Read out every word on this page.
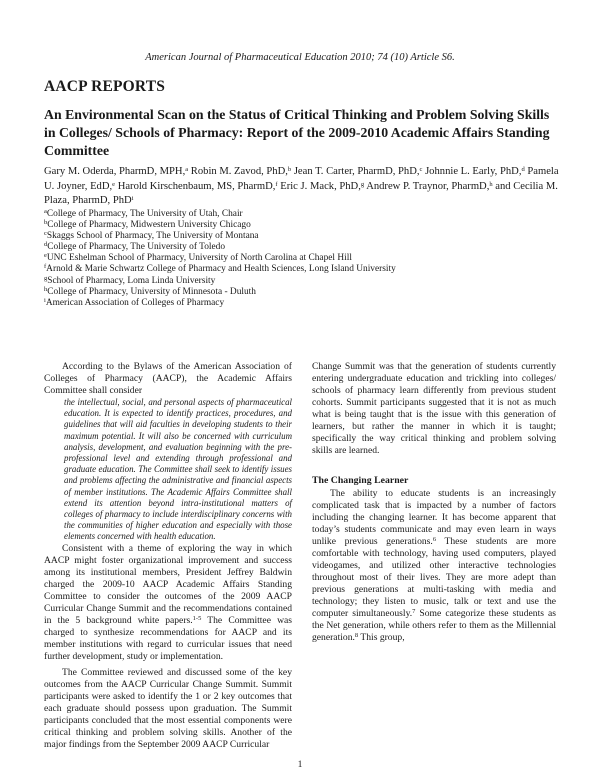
American Journal of Pharmaceutical Education 2010; 74 (10) Article S6.
AACP REPORTS
An Environmental Scan on the Status of Critical Thinking and Problem Solving Skills in Colleges/ Schools of Pharmacy: Report of the 2009-2010 Academic Affairs Standing Committee
Gary M. Oderda, PharmD, MPH,$^a$ Robin M. Zavod, PhD,$^b$ Jean T. Carter, PharmD, PhD,$^c$ Johnnie L. Early, PhD,$^d$ Pamela U. Joyner, EdD,$^e$ Harold Kirschenbaum, MS, PharmD,$^f$ Eric J. Mack, PhD,$^g$ Andrew P. Traynor, PharmD,$^h$ and Cecilia M. Plaza, PharmD, PhD$^i$
$^a$College of Pharmacy, The University of Utah, Chair
$^b$College of Pharmacy, Midwestern University Chicago
$^c$Skaggs School of Pharmacy, The University of Montana
$^d$College of Pharmacy, The University of Toledo
$^e$UNC Eshelman School of Pharmacy, University of North Carolina at Chapel Hill
$^f$Arnold & Marie Schwartz College of Pharmacy and Health Sciences, Long Island University
$^g$School of Pharmacy, Loma Linda University
$^h$College of Pharmacy, University of Minnesota - Duluth
$^i$American Association of Colleges of Pharmacy

According to the Bylaws of the American Association of Colleges of Pharmacy (AACP), the Academic Affairs Committee shall consider

the intellectual, social, and personal aspects of pharmaceutical education. It is expected to identify practices, procedures, and guidelines that will aid faculties in developing students to their maximum potential. It will also be concerned with curriculum analysis, development, and evaluation beginning with the pre-professional level and extending through professional and graduate education. The Committee shall seek to identify issues and problems affecting the administrative and financial aspects of member institutions. The Academic Affairs Committee shall extend its attention beyond intra-institutional matters of colleges of pharmacy to include interdisciplinary concerns with the communities of higher education and especially with those elements concerned with health education.

Consistent with a theme of exploring the way in which AACP might foster organizational improvement and success among its institutional members, President Jeffrey Baldwin charged the 2009-10 AACP Academic Affairs Standing Committee to consider the outcomes of the 2009 AACP Curricular Change Summit and the recommendations contained in the 5 background white papers.$^{1-5}$ The Committee was charged to synthesize recommendations for AACP and its member institutions with regard to curricular issues that need further development, study or implementation.

The Committee reviewed and discussed some of the key outcomes from the AACP Curricular Change Summit. Summit participants were asked to identify the 1 or 2 key outcomes that each graduate should possess upon graduation. The Summit participants concluded that the most essential components were critical thinking and problem solving skills. Another of the major findings from the September 2009 AACP Curricular

Change Summit was that the generation of students currently entering undergraduate education and trickling into colleges/ schools of pharmacy learn differently from previous student cohorts. Summit participants suggested that it is not as much what is being taught that is the issue with this generation of learners, but rather the manner in which it is taught; specifically the way critical thinking and problem solving skills are learned.

The Changing Learner

The ability to educate students is an increasingly complicated task that is impacted by a number of factors including the changing learner. It has become apparent that today’s students communicate and may even learn in ways unlike previous generations.$^6$ These students are more comfortable with technology, having used computers, played videogames, and utilized other interactive technologies throughout most of their lives. They are more adept than previous generations at multi-tasking with media and technology; they listen to music, talk or text and use the computer simultaneously.$^7$ Some categorize these students as the Net generation, while others refer to them as the Millennial generation.$^8$ This group,

1
